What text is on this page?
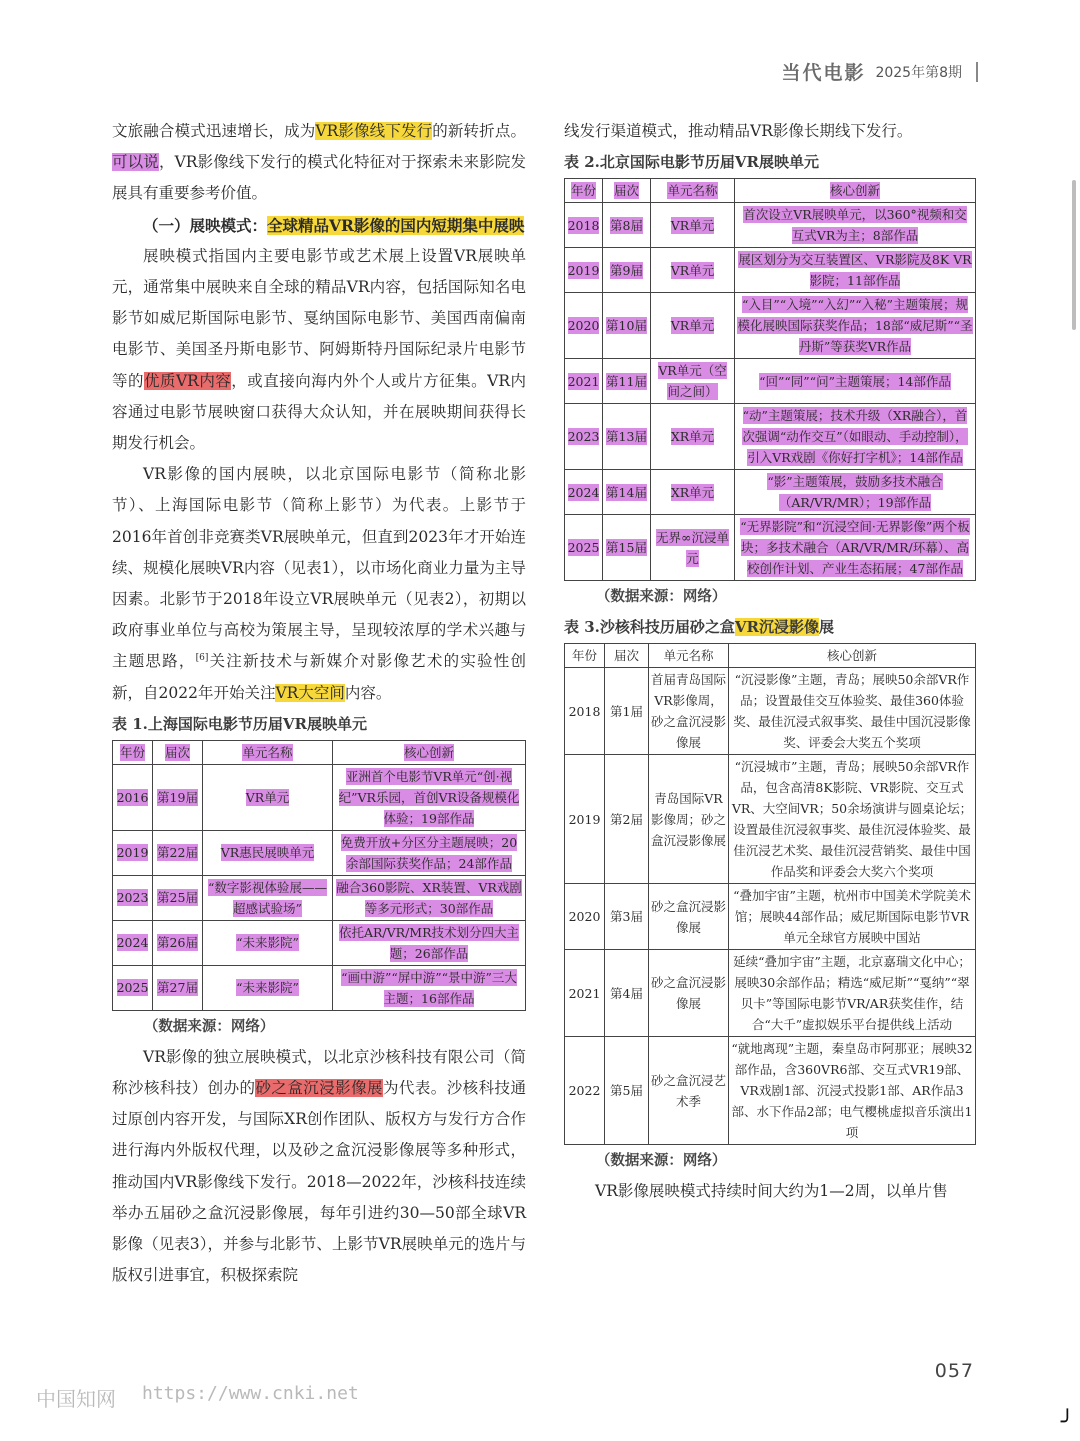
当代电影 2025年第8期

文旅融合模式迅速增长，成为VR影像线下发行的新转折点。可以说，VR影像线下发行的模式化特征对于探索未来影院发展具有重要参考价值。

（一）展映模式：全球精品VR影像的国内短期集中展映

展映模式指国内主要电影节或艺术展上设置VR展映单元，通常集中展映来自全球的精品VR内容，包括国际知名电影节如威尼斯国际电影节、戛纳国际电影节、美国西南偏南电影节、美国圣丹斯电影节、阿姆斯特丹国际纪录片电影节等的优质VR内容，或直接向海内外个人或片方征集。VR内容通过电影节展映窗口获得大众认知，并在展映期间获得长期发行机会。

VR影像的国内展映，以北京国际电影节（简称北影节）、上海国际电影节（简称上影节）为代表。上影节于2016年首创非竞赛类VR展映单元，但直到2023年才开始连续、规模化展映VR内容（见表1），以市场化商业力量为主导因素。北影节于2018年设立VR展映单元（见表2），初期以政府事业单位与高校为策展主导，呈现较浓厚的学术兴趣与主题思路，[6]关注新技术与新媒介对影像艺术的实验性创新，自2022年开始关注VR大空间内容。

表 1.上海国际电影节历届VR展映单元

年份	届次	单元名称	核心创新
2016	第19届	VR单元	亚洲首个电影节VR单元“创·视纪”VR乐园，首创VR设备规模化体验；19部作品
2019	第22届	VR惠民展映单元	免费开放+分区分主题展映；20余部国际获奖作品；24部作品
2023	第25届	“数字影视体验展——超感试验场”	融合360影院、XR装置、VR戏剧等多元形式；30部作品
2024	第26届	“未来影院”	依托AR/VR/MR技术划分四大主题；26部作品
2025	第27届	“未来影院”	“画中游”“屏中游”“景中游”三大主题；16部作品

（数据来源：网络）

VR影像的独立展映模式，以北京沙核科技有限公司（简称沙核科技）创办的砂之盒沉浸影像展为代表。沙核科技通过原创内容开发，与国际XR创作团队、版权方与发行方合作进行海内外版权代理，以及砂之盒沉浸影像展等多种形式，推动国内VR影像线下发行。2018—2022年，沙核科技连续举办五届砂之盒沉浸影像展，每年引进约30—50部全球VR影像（见表3），并参与北影节、上影节VR展映单元的选片与版权引进事宜，积极探索院

线发行渠道模式，推动精品VR影像长期线下发行。

表 2.北京国际电影节历届VR展映单元

年份	届次	单元名称	核心创新
2018	第8届	VR单元	首次设立VR展映单元，以360°视频和交互式VR为主；8部作品
2019	第9届	VR单元	展区划分为交互装置区、VR影院及8K VR影院；11部作品
2020	第10届	VR单元	“入目”“入境”“入幻”“入秘”主题策展；规模化展映国际获奖作品；18部“威尼斯”“圣丹斯”等获奖VR作品
2021	第11届	VR单元（空间之间）	“回”“同”“问”主题策展；14部作品
2023	第13届	XR单元	“动”主题策展；技术升级（XR融合），首次强调“动作交互”（如眼动、手动控制），引入VR戏剧《你好打字机》；14部作品
2024	第14届	XR单元	“影”主题策展，鼓励多技术融合（AR/VR/MR）；19部作品
2025	第15届	无界∞沉浸单元	“无界影院”和“沉浸空间·无界影像”两个板块；多技术融合（AR/VR/MR/环幕）、高校创作计划、产业生态拓展；47部作品

（数据来源：网络）

表 3.沙核科技历届砂之盒VR沉浸影像展

年份	届次	单元名称	核心创新
2018	第1届	首届青岛国际VR影像周，砂之盒沉浸影像展	“沉浸影像”主题，青岛；展映50余部VR作品；设置最佳交互体验奖、最佳360体验奖、最佳沉浸式叙事奖、最佳中国沉浸影像奖、评委会大奖五个奖项
2019	第2届	青岛国际VR影像周；砂之盒沉浸影像展	“沉浸城市”主题，青岛；展映50余部VR作品，包含高清8K影院、VR影院、交互式VR、大空间VR；50余场演讲与圆桌论坛；设置最佳沉浸叙事奖、最佳沉浸体验奖、最佳沉浸艺术奖、最佳沉浸营销奖、最佳中国作品奖和评委会大奖六个奖项
2020	第3届	砂之盒沉浸影像展	“叠加宇宙”主题，杭州市中国美术学院美术馆；展映44部作品；威尼斯国际电影节VR单元全球官方展映中国站
2021	第4届	砂之盒沉浸影像展	延续“叠加宇宙”主题，北京嘉瑞文化中心；展映30余部作品；精选“威尼斯”“戛纳”“翠贝卡”等国际电影节VR/AR获奖佳作，结合“大千”虚拟娱乐平台提供线上活动
2022	第5届	砂之盒沉浸艺术季	“就地离现”主题，秦皇岛市阿那亚；展映32部作品，含360VR6部、交互式VR19部、VR戏剧1部、沉浸式投影1部、AR作品3部、水下作品2部；电气樱桃虚拟音乐演出1项

（数据来源：网络）

VR影像展映模式持续时间大约为1—2周，以单片售

057
中国知网 https://www.cnki.net
╯
